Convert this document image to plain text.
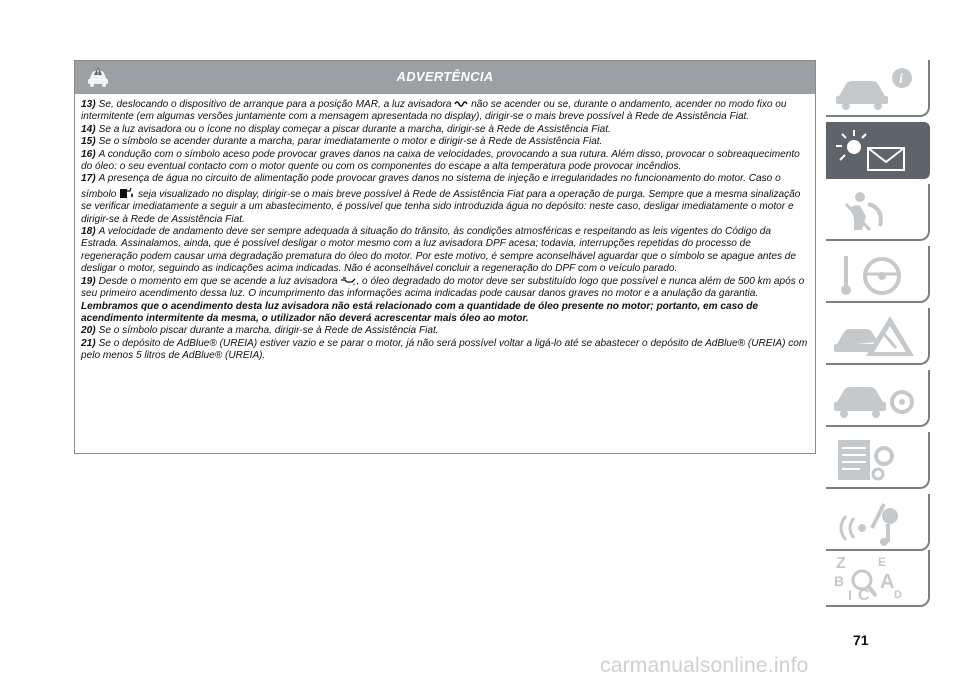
ADVERTÊNCIA

13) Se, deslocando o dispositivo de arranque para a posição MAR, a luz avisadora  não se acender ou se, durante o andamento, acender no modo fixo ou intermitente (em algumas versões juntamente com a mensagem apresentada no display), dirigir-se o mais breve possível à Rede de Assistência Fiat.

14) Se a luz avisadora ou o ícone no display começar a piscar durante a marcha, dirigir-se à Rede de Assistência Fiat.

15) Se o símbolo se acender durante a marcha, parar imediatamente o motor e dirigir-se à Rede de Assistência Fiat.

16) A condução com o símbolo aceso pode provocar graves danos na caixa de velocidades, provocando a sua rutura. Além disso, provocar o sobreaquecimento do óleo: o seu eventual contacto com o motor quente ou com os componentes do escape a alta temperatura pode provocar incêndios.

17) A presença de água no circuito de alimentação pode provocar graves danos no sistema de injeção e irregularidades no funcionamento do motor. Caso o símbolo  seja visualizado no display, dirigir-se o mais breve possível à Rede de Assistência Fiat para a operação de purga. Sempre que a mesma sinalização se verificar imediatamente a seguir a um abastecimento, é possível que tenha sido introduzida água no depósito: neste caso, desligar imediatamente o motor e dirigir-se à Rede de Assistência Fiat.

18) A velocidade de andamento deve ser sempre adequada à situação do trânsito, às condições atmosféricas e respeitando as leis vigentes do Código da Estrada. Assinalamos, ainda, que é possível desligar o motor mesmo com a luz avisadora DPF acesa; todavia, interrupções repetidas do processo de regeneração podem causar uma degradação prematura do óleo do motor. Por este motivo, é sempre aconselhável aguardar que o símbolo se apague antes de desligar o motor, seguindo as indicações acima indicadas. Não é aconselhável concluir a regeneração do DPF com o veículo parado.

19) Desde o momento em que se acende a luz avisadora , o óleo degradado do motor deve ser substituído logo que possível e nunca além de 500 km após o seu primeiro acendimento dessa luz. O incumprimento das informações acima indicadas pode causar danos graves no motor e a anulação da garantia. Lembramos que o acendimento desta luz avisadora não está relacionado com a quantidade de óleo presente no motor; portanto, em caso de acendimento intermitente da mesma, o utilizador não deverá acrescentar mais óleo ao motor.

20) Se o símbolo piscar durante a marcha, dirigir-se à Rede de Assistência Fiat.

21) Se o depósito de AdBlue® (UREIA) estiver vazio e se parar o motor, já não será possível voltar a ligá-lo até se abastecer o depósito de AdBlue® (UREIA) com pelo menos 5 litros de AdBlue® (UREIA).

i
Z	E
B A
I C D
71
carmanualsonline.info
